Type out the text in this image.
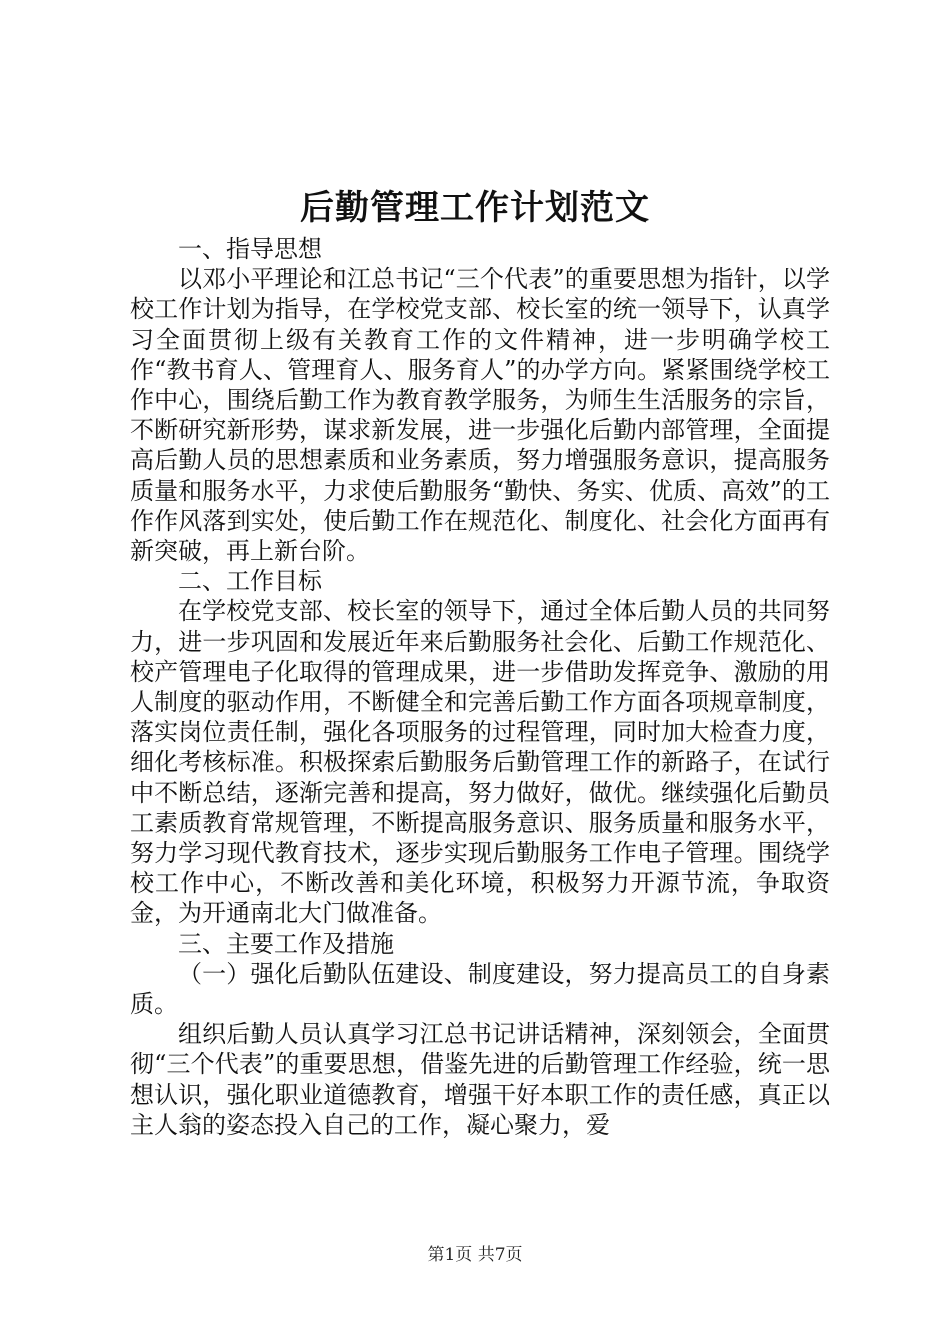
后勤管理工作计划范文

一、指导思想

以邓小平理论和江总书记“三个代表”的重要思想为指针，以学校工作计划为指导，在学校党支部、校长室的统一领导下，认真学习全面贯彻上级有关教育工作的文件精神，进一步明确学校工作“教书育人、管理育人、服务育人”的办学方向。紧紧围绕学校工作中心，围绕后勤工作为教育教学服务，为师生生活服务的宗旨，不断研究新形势，谋求新发展，进一步强化后勤内部管理，全面提高后勤人员的思想素质和业务素质，努力增强服务意识，提高服务质量和服务水平，力求使后勤服务“勤快、务实、优质、高效”的工作作风落到实处，使后勤工作在规范化、制度化、社会化方面再有新突破，再上新台阶。

二、工作目标

在学校党支部、校长室的领导下，通过全体后勤人员的共同努力，进一步巩固和发展近年来后勤服务社会化、后勤工作规范化、校产管理电子化取得的管理成果，进一步借助发挥竞争、激励的用人制度的驱动作用，不断健全和完善后勤工作方面各项规章制度，落实岗位责任制，强化各项服务的过程管理，同时加大检查力度，细化考核标准。积极探索后勤服务后勤管理工作的新路子，在试行中不断总结，逐渐完善和提高，努力做好，做优。继续强化后勤员工素质教育常规管理，不断提高服务意识、服务质量和服务水平，努力学习现代教育技术，逐步实现后勤服务工作电子管理。围绕学校工作中心，不断改善和美化环境，积极努力开源节流，争取资金，为开通南北大门做准备。

三、主要工作及措施

（一）强化后勤队伍建设、制度建设，努力提高员工的自身素质。

组织后勤人员认真学习江总书记讲话精神，深刻领会，全面贯彻“三个代表”的重要思想，借鉴先进的后勤管理工作经验，统一思想认识，强化职业道德教育，增强干好本职工作的责任感，真正以主人翁的姿态投入自己的工作，凝心聚力，爱

第1页 共7页
